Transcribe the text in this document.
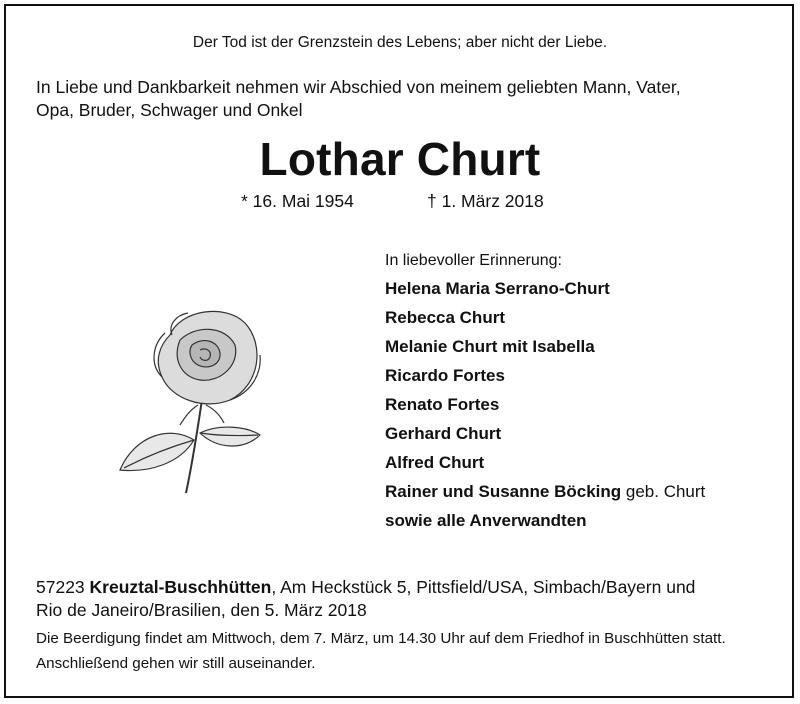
Der Tod ist der Grenzstein des Lebens; aber nicht der Liebe.
In Liebe und Dankbarkeit nehmen wir Abschied von meinem geliebten Mann, Vater,
Opa, Bruder, Schwager und Onkel
Lothar Churt
* 16. Mai 1954	† 1. März 2018
In liebevoller Erinnerung:
Helena Maria Serrano-Churt
Rebecca Churt
Melanie Churt mit Isabella
Ricardo Fortes
Renato Fortes
Gerhard Churt
Alfred Churt
Rainer und Susanne Böcking geb. Churt
sowie alle Anverwandten
57223 Kreuztal-Buschhütten, Am Heckstück 5, Pittsfield/USA, Simbach/Bayern und
Rio de Janeiro/Brasilien, den 5. März 2018
Die Beerdigung findet am Mittwoch, dem 7. März, um 14.30 Uhr auf dem Friedhof in Buschhütten statt.
Anschließend gehen wir still auseinander.
